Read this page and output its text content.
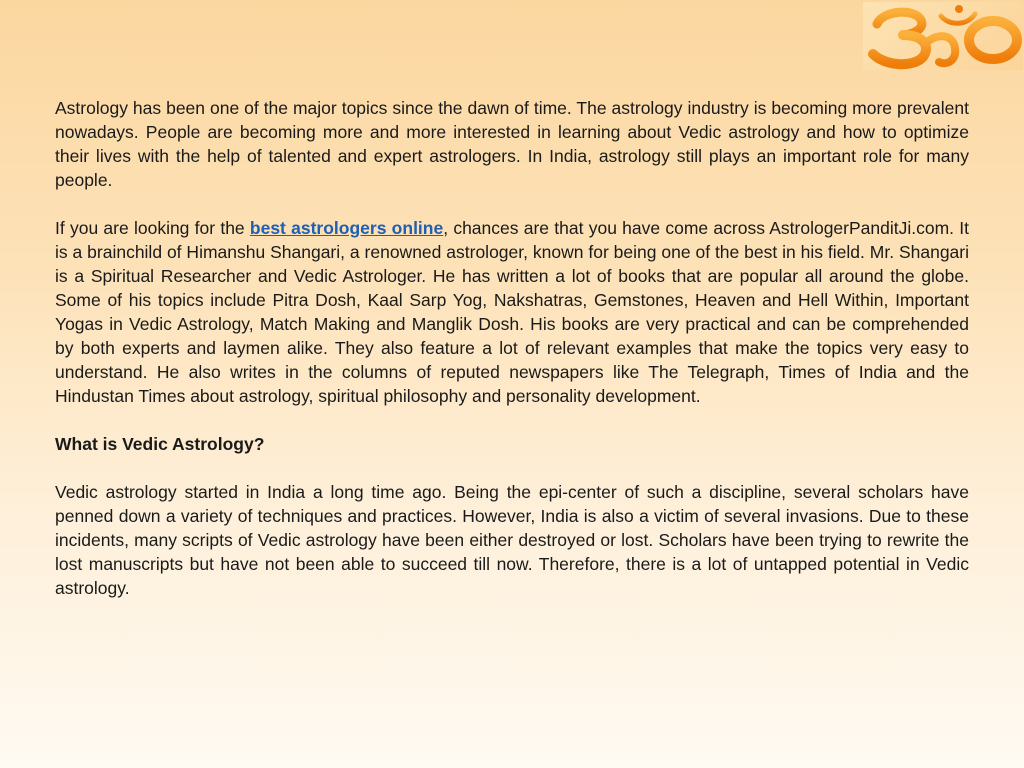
Astrology has been one of the major topics since the dawn of time. The astrology industry is becoming more prevalent nowadays. People are becoming more and more interested in learning about Vedic astrology and how to optimize their lives with the help of talented and expert astrologers. In India, astrology still plays an important role for many people.

If you are looking for the best astrologers online, chances are that you have come across AstrologerPanditJi.com. It is a brainchild of Himanshu Shangari, a renowned astrologer, known for being one of the best in his field. Mr. Shangari is a Spiritual Researcher and Vedic Astrologer. He has written a lot of books that are popular all around the globe. Some of his topics include Pitra Dosh, Kaal Sarp Yog, Nakshatras, Gemstones, Heaven and Hell Within, Important Yogas in Vedic Astrology, Match Making and Manglik Dosh. His books are very practical and can be comprehended by both experts and laymen alike. They also feature a lot of relevant examples that make the topics very easy to understand. He also writes in the columns of reputed newspapers like The Telegraph, Times of India and the Hindustan Times about astrology, spiritual philosophy and personality development.

What is Vedic Astrology?

Vedic astrology started in India a long time ago. Being the epi-center of such a discipline, several scholars have penned down a variety of techniques and practices. However, India is also a victim of several invasions. Due to these incidents, many scripts of Vedic astrology have been either destroyed or lost. Scholars have been trying to rewrite the lost manuscripts but have not been able to succeed till now. Therefore, there is a lot of untapped potential in Vedic astrology.
